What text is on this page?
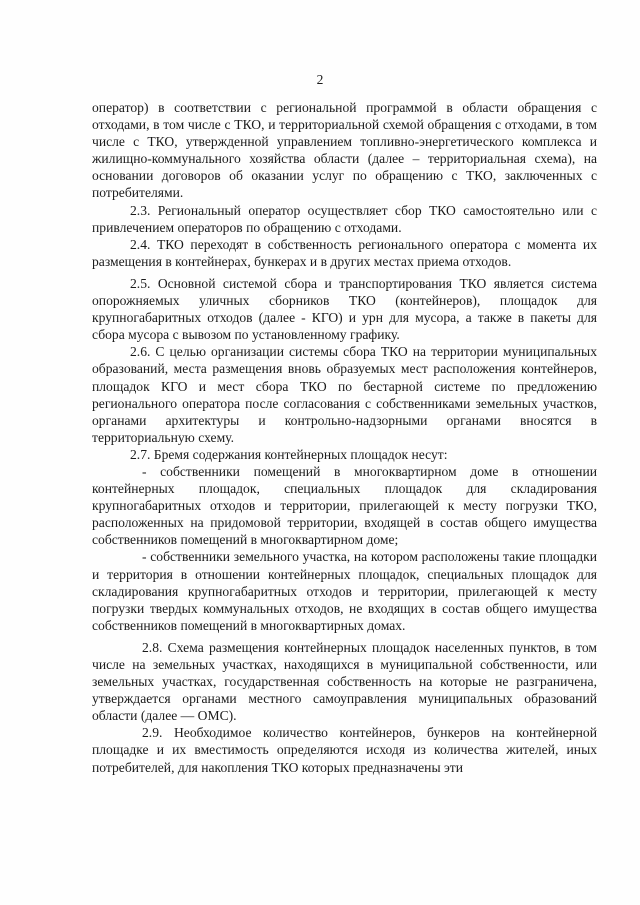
2

оператор) в соответствии с региональной программой в области обращения с отходами, в том числе с ТКО, и территориальной схемой обращения с отходами, в том числе с ТКО, утвержденной управлением топливно-энергетического комплекса и жилищно-коммунального хозяйства области (далее – территориальная схема), на основании договоров об оказании услуг по обращению с ТКО, заключенных с потребителями.

2.3. Региональный оператор осуществляет сбор ТКО самостоятельно или с привлечением операторов по обращению с отходами.

2.4. ТКО переходят в собственность регионального оператора с момента их размещения в контейнерах, бункерах и в других местах приема отходов.

2.5. Основной системой сбора и транспортирования ТКО является система опорожняемых уличных сборников ТКО (контейнеров), площадок для крупногабаритных отходов (далее - КГО) и урн для мусора, а также в пакеты для сбора мусора с вывозом по установленному графику.

2.6. С целью организации системы сбора ТКО на территории муниципальных образований, места размещения вновь образуемых мест расположения контейнеров, площадок КГО и мест сбора ТКО по бестарной системе по предложению регионального оператора после согласования с собственниками земельных участков, органами архитектуры и контрольно-надзорными органами вносятся в территориальную схему.

2.7. Бремя содержания контейнерных площадок несут:

- собственники помещений в многоквартирном доме в отношении контейнерных площадок, специальных площадок для складирования крупногабаритных отходов и территории, прилегающей к месту погрузки ТКО, расположенных на придомовой территории, входящей в состав общего имущества собственников помещений в многоквартирном доме;

- собственники земельного участка, на котором расположены такие площадки и территория в отношении контейнерных площадок, специальных площадок для складирования крупногабаритных отходов и территории, прилегающей к месту погрузки твердых коммунальных отходов, не входящих в состав общего имущества собственников помещений в многоквартирных домах.

2.8. Схема размещения контейнерных площадок населенных пунктов, в том числе на земельных участках, находящихся в муниципальной собственности, или земельных участках, государственная собственность на которые не разграничена, утверждается органами местного самоуправления муниципальных образований области (далее — ОМС).

2.9. Необходимое количество контейнеров, бункеров на контейнерной площадке и их вместимость определяются исходя из количества жителей, иных потребителей, для накопления ТКО которых предназначены эти
